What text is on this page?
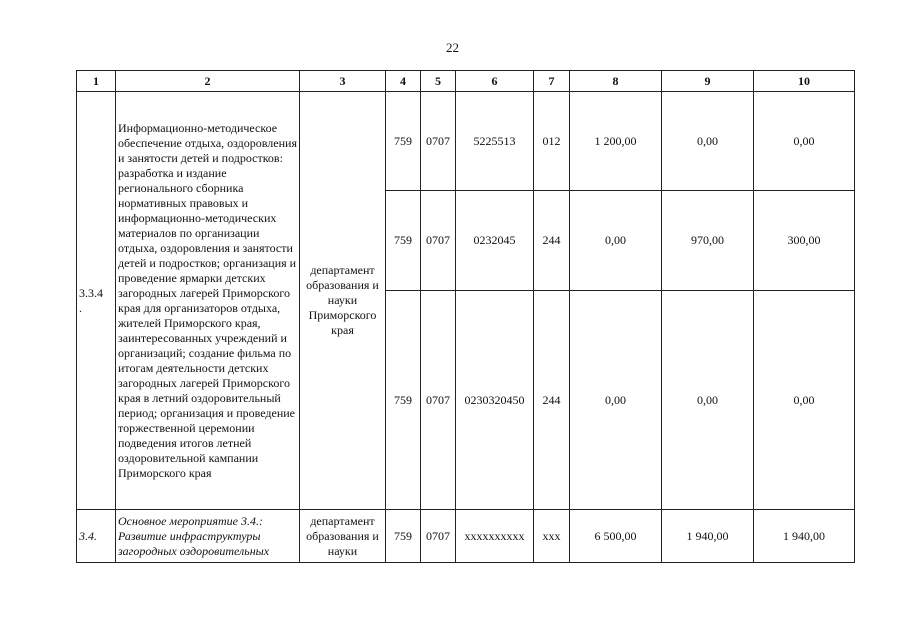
22
1	2	3	4	5	6	7	8	9	10
3.3.4
.	Информационно-методическое обеспечение отдыха, оздоровления и занятости детей и подростков: разработка и издание регионального сборника нормативных правовых и информационно-методических материалов по организации отдыха, оздоровления и занятости детей и подростков; организация и проведение ярмарки детских загородных лагерей Приморского края для организаторов отдыха, жителей Приморского края, заинтересованных учреждений и организаций; создание фильма по итогам деятельности детских загородных лагерей Приморского края в летний оздоровительный период; организация и проведение торжественной церемонии подведения итогов летней оздоровительной кампании Приморского края	департамент образования и науки Приморского края	759	0707	5225513	012	1 200,00	0,00	0,00
			759	0707	0232045	244	0,00	970,00	300,00
			759	0707	0230320450	244	0,00	0,00	0,00
3.4.	Основное мероприятие 3.4.: Развитие инфраструктуры загородных оздоровительных	департамент образования и науки	759	0707	xxxxxxxxxx	xxx	6 500,00	1 940,00	1 940,00
